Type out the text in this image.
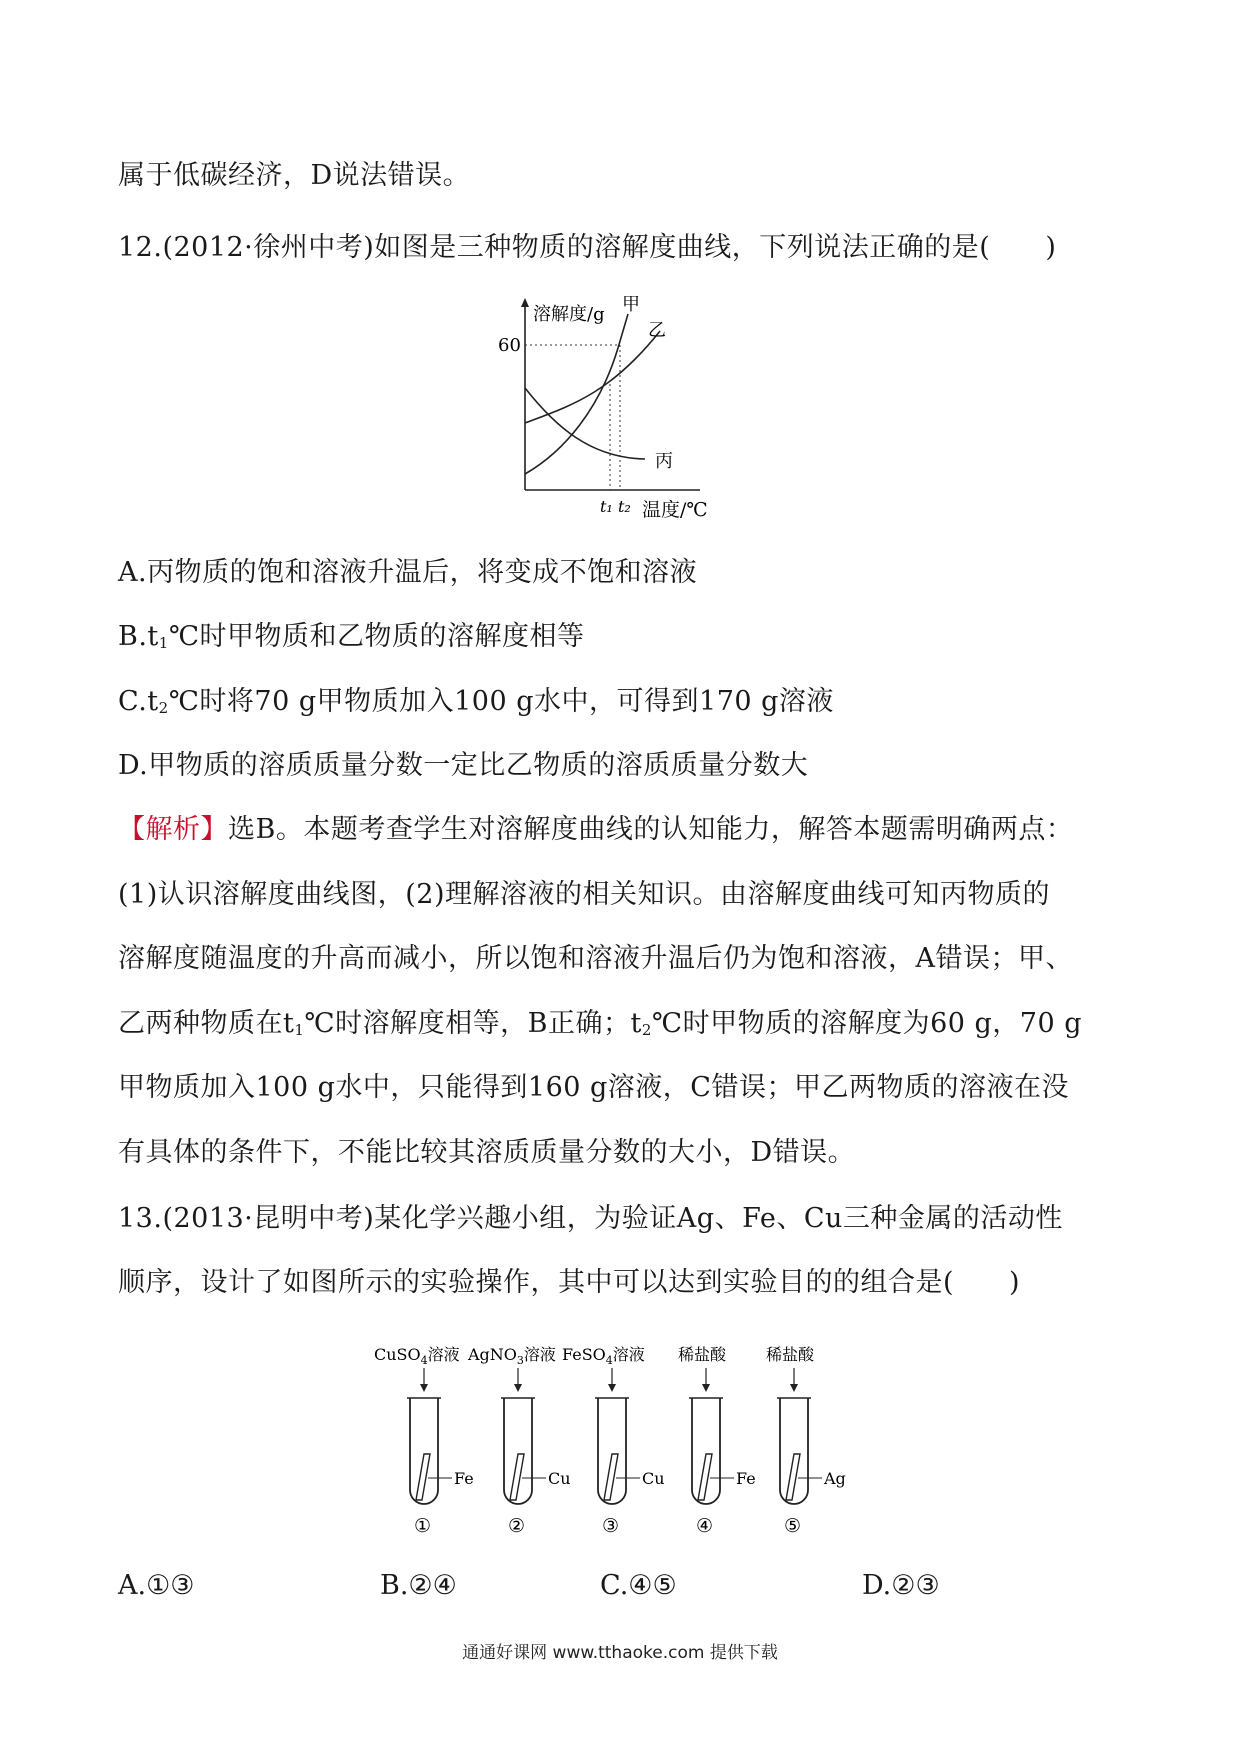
属于低碳经济，D说法错误。
12.(2012·徐州中考)如图是三种物质的溶解度曲线，下列说法正确的是(　　)
溶解度/g
60
甲
乙
丙
t₁ t₂ 温度/℃
A.丙物质的饱和溶液升温后，将变成不饱和溶液
$B.t_1℃$时甲物质和乙物质的溶解度相等
$C.t_2℃$时将70 g甲物质加入100 g水中，可得到170 g溶液
D.甲物质的溶质质量分数一定比乙物质的溶质质量分数大
【解析】选B。本题考查学生对溶解度曲线的认知能力，解答本题需明确两点：
(1)认识溶解度曲线图，(2)理解溶液的相关知识。由溶解度曲线可知丙物质的
溶解度随温度的升高而减小，所以饱和溶液升温后仍为饱和溶液，A错误；甲、
乙两种物质在$t_1℃$时溶解度相等，B正确；$t_2℃$时甲物质的溶解度为60 g，70 g
甲物质加入100 g水中，只能得到160 g溶液，C错误；甲乙两物质的溶液在没
有具体的条件下，不能比较其溶质质量分数的大小，D错误。
13.(2013·昆明中考)某化学兴趣小组，为验证Ag、Fe、Cu三种金属的活动性
顺序，设计了如图所示的实验操作，其中可以达到实验目的的组合是(　　)
CuSO$_4$溶液
Fe
①
AgNO$_3$溶液
Cu
②
FeSO$_4$溶液
Cu
③
稀盐酸
Fe
④
稀盐酸
Ag
⑤
A.①③	B.②④	C.④⑤	D.②③
通通好课网 www.tthaoke.com 提供下载
